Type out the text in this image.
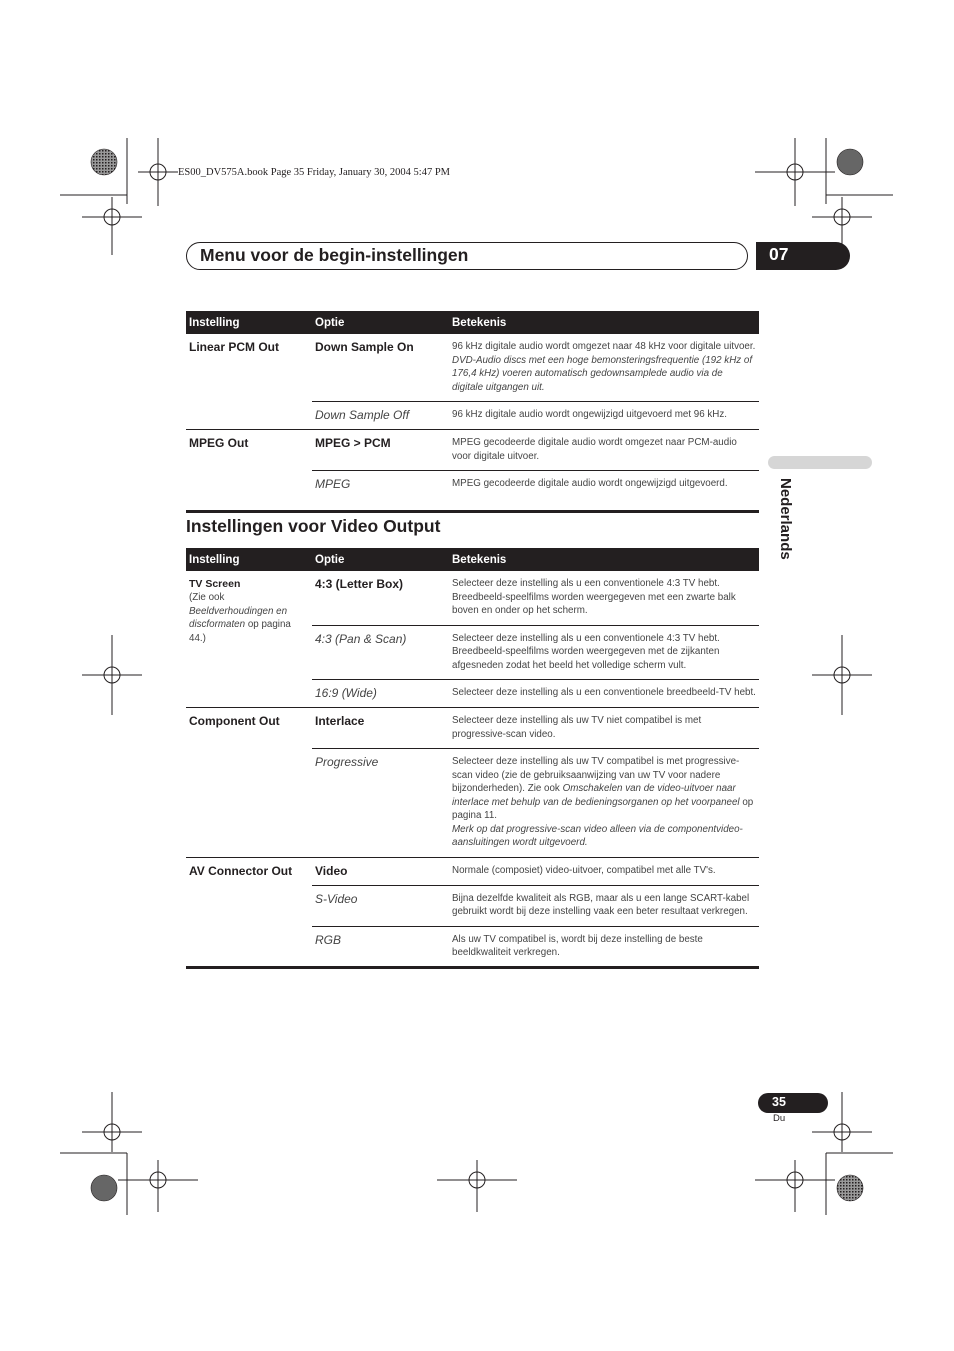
ES00_DV575A.book Page 35 Friday, January 30, 2004 5:47 PM
Menu voor de begin-instellingen	07
Nederlands
Instelling	Optie	Betekenis
Linear PCM Out	Down Sample On	96 kHz digitale audio wordt omgezet naar 48 kHz voor digitale uitvoer.
DVD-Audio discs met een hoge bemonsteringsfrequentie (192 kHz of 176,4 kHz) voeren automatisch gedownsamplede audio via de digitale uitgangen uit.

	Down Sample Off	96 kHz digitale audio wordt ongewijzigd uitgevoerd met 96 kHz.
MPEG Out	MPEG > PCM	MPEG gecodeerde digitale audio wordt omgezet naar PCM-audio voor digitale uitvoer.
	MPEG	MPEG gecodeerde digitale audio wordt ongewijzigd uitgevoerd.
Instellingen voor Video Output
Instelling	Optie	Betekenis

TV Screen
(Zie ook
Beeldverhoudingen en discformaten op pagina 44.)	4:3 (Letter Box)	Selecteer deze instelling als u een conventionele 4:3 TV hebt. Breedbeeld-speelfilms worden weergegeven met een zwarte balk boven en onder op het scherm.
	4:3 (Pan & Scan)	Selecteer deze instelling als u een conventionele 4:3 TV hebt. Breedbeeld-speelfilms worden weergegeven met de zijkanten afgesneden zodat het beeld het volledige scherm vult.
	16:9 (Wide)	Selecteer deze instelling als u een conventionele breedbeeld-TV hebt.
Component Out	Interlace	Selecteer deze instelling als uw TV niet compatibel is met progressive-scan video.
	Progressive	Selecteer deze instelling als uw TV compatibel is met progressive-scan video (zie de gebruiksaanwijzing van uw TV voor nadere bijzonderheden). Zie ook Omschakelen van de video-uitvoer naar interlace met behulp van de bedieningsorganen op het voorpaneel op pagina 11.
Merk op dat progressive-scan video alleen via de componentvideo-aansluitingen wordt uitgevoerd.

AV Connector Out	Video	Normale (composiet) video-uitvoer, compatibel met alle TV's.
	S-Video	Bijna dezelfde kwaliteit als RGB, maar als u een lange SCART-kabel gebruikt wordt bij deze instelling vaak een beter resultaat verkregen.
	RGB	Als uw TV compatibel is, wordt bij deze instelling de beste beeldkwaliteit verkregen.
35
Du
